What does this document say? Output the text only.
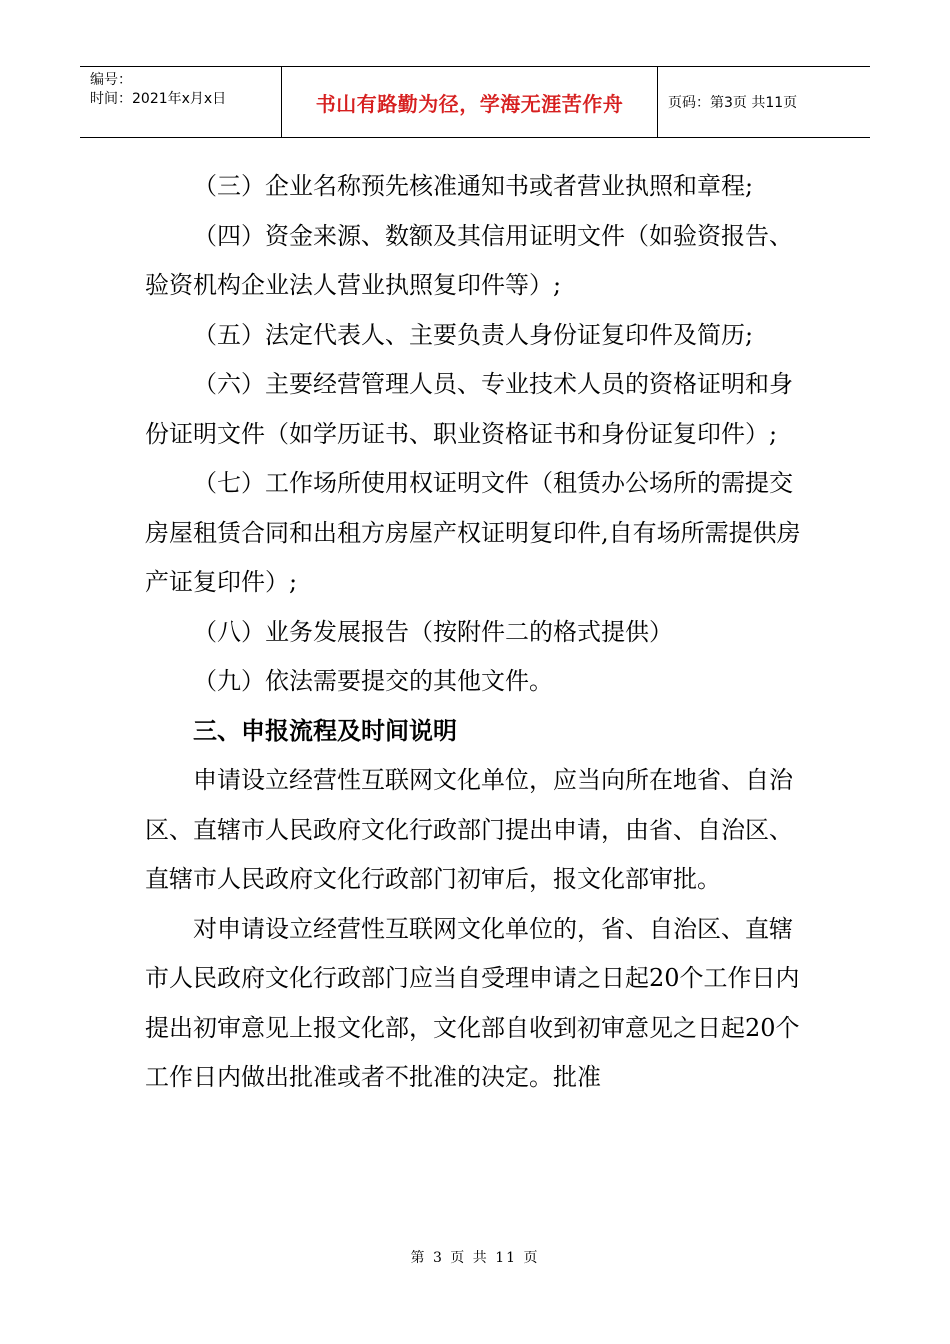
编号：
时间：2021年x月x日	书山有路勤为径，学海无涯苦作舟	页码：第3页 共11页

（三）企业名称预先核准通知书或者营业执照和章程;

（四）资金来源、数额及其信用证明文件（如验资报告、验资机构企业法人营业执照复印件等）;

（五）法定代表人、主要负责人身份证复印件及简历;

（六）主要经营管理人员、专业技术人员的资格证明和身份证明文件（如学历证书、职业资格证书和身份证复印件）;

（七）工作场所使用权证明文件（租赁办公场所的需提交房屋租赁合同和出租方房屋产权证明复印件,自有场所需提供房产证复印件）;

（八）业务发展报告（按附件二的格式提供）

（九）依法需要提交的其他文件。

三、申报流程及时间说明

申请设立经营性互联网文化单位，应当向所在地省、自治区、直辖市人民政府文化行政部门提出申请，由省、自治区、直辖市人民政府文化行政部门初审后，报文化部审批。

对申请设立经营性互联网文化单位的，省、自治区、直辖市人民政府文化行政部门应当自受理申请之日起20个工作日内提出初审意见上报文化部，文化部自收到初审意见之日起20个工作日内做出批准或者不批准的决定。批准

第 3 页 共 11 页
